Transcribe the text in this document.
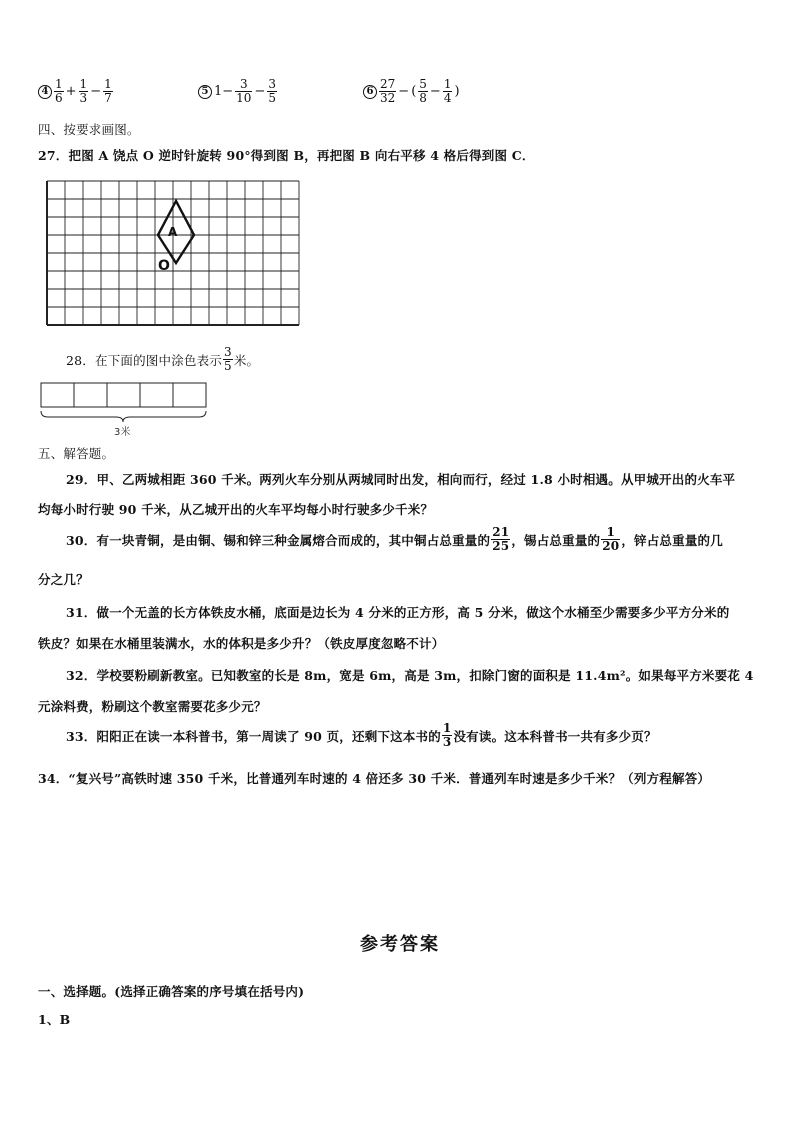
$4 \frac{1}{6} + \frac{1}{3} - \frac{1}{7}$	5 $1- \frac{3}{10} - \frac{3}{5}$	$6 \frac{27}{32}$ − ( $\frac{5}{8} - \frac{1}{4}$ )
四、按要求画图。
27．把图 A 饶点 O 逆时针旋转 90°得到图 B，再把图 B 向右平移 4 格后得到图 C．
A
O
28．在下面的图中涂色表示 $\frac{3}{5}$ 米。
3米
五、解答题。
29．甲、乙两城相距 360 千米。两列火车分别从两城同时出发，相向而行，经过 1.8 小时相遇。从甲城开出的火车平
均每小时行驶 90 千米，从乙城开出的火车平均每小时行驶多少千米？
30．有一块青铜，是由铜、锡和锌三种金属熔合而成的，其中铜占总重量的 $\frac{21}{25}$ ，锡占总重量的 $\frac{1}{20}$ ，锌占总重量的几
分之几？
31．做一个无盖的长方体铁皮水桶，底面是边长为 4 分米的正方形，高 5 分米，做这个水桶至少需要多少平方分米的
铁皮？如果在水桶里装满水，水的体积是多少升？（铁皮厚度忽略不计）
32．学校要粉刷新教室。已知教室的长是 8m，宽是 6m，高是 3m，扣除门窗的面积是 11.4m²。如果每平方米要花 4
元涂料费，粉刷这个教室需要花多少元？
33．阳阳正在读一本科普书，第一周读了 90 页，还剩下这本书的 $\frac{1}{3}$ 没有读。这本科普书一共有多少页？
34．“复兴号”高铁时速 350 千米，比普通列车时速的 4 倍还多 30 千米．普通列车时速是多少千米？（列方程解答）
参考答案
一、选择题。(选择正确答案的序号填在括号内)
1、B
